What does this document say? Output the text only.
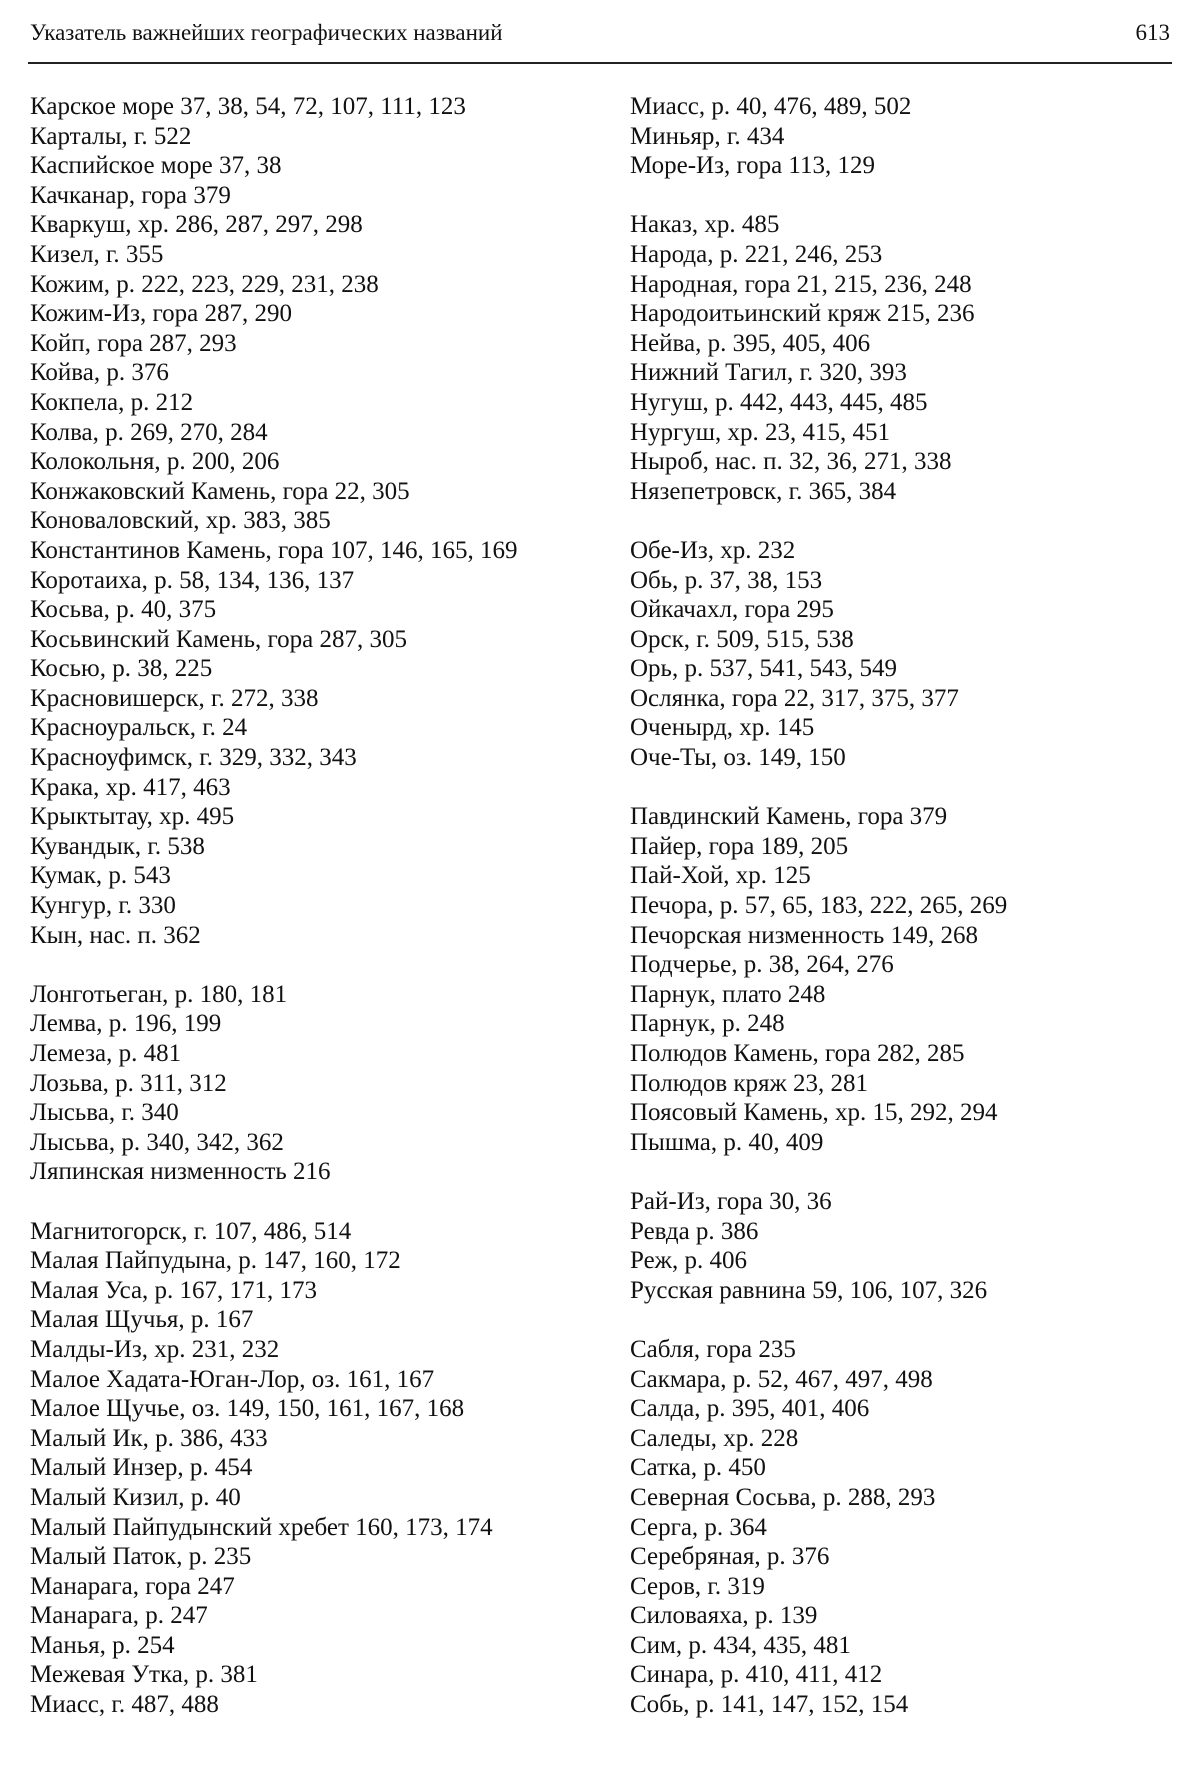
Указатель важнейших географических названий	613
Карское море 37, 38, 54, 72, 107, 111, 123
Карталы, г. 522
Каспийское море 37, 38
Качканар, гора 379
Кваркуш, хр. 286, 287, 297, 298
Кизел, г. 355
Кожим, р. 222, 223, 229, 231, 238
Кожим-Из, гора 287, 290
Койп, гора 287, 293
Койва, р. 376
Кокпела, р. 212
Колва, р. 269, 270, 284
Колокольня, р. 200, 206
Конжаковский Камень, гора 22, 305
Коноваловский, хр. 383, 385
Константинов Камень, гора 107, 146, 165, 169
Коротаиха, р. 58, 134, 136, 137
Косьва, р. 40, 375
Косьвинский Камень, гора 287, 305
Косью, р. 38, 225
Красновишерск, г. 272, 338
Красноуральск, г. 24
Красноуфимск, г. 329, 332, 343
Крака, хр. 417, 463
Крыктытау, хр. 495
Кувандык, г. 538
Кумак, р. 543
Кунгур, г. 330
Кын, нас. п. 362
Лонготьеган, р. 180, 181
Лемва, р. 196, 199
Лемеза, р. 481
Лозьва, р. 311, 312
Лысьва, г. 340
Лысьва, р. 340, 342, 362
Ляпинская низменность 216
Магнитогорск, г. 107, 486, 514
Малая Пайпудына, р. 147, 160, 172
Малая Уса, р. 167, 171, 173
Малая Щучья, р. 167
Малды-Из, хр. 231, 232
Малое Хадата-Юган-Лор, оз. 161, 167
Малое Щучье, оз. 149, 150, 161, 167, 168
Малый Ик, р. 386, 433
Малый Инзер, р. 454
Малый Кизил, р. 40
Малый Пайпудынский хребет 160, 173, 174
Малый Паток, р. 235
Манарага, гора 247
Манарага, р. 247
Манья, р. 254
Межевая Утка, р. 381
Миасс, г. 487, 488
Миасс, р. 40, 476, 489, 502
Миньяр, г. 434
Море-Из, гора 113, 129
Наказ, хр. 485
Народа, р. 221, 246, 253
Народная, гора 21, 215, 236, 248
Народоитьинский кряж 215, 236
Нейва, р. 395, 405, 406
Нижний Тагил, г. 320, 393
Нугуш, р. 442, 443, 445, 485
Нургуш, хр. 23, 415, 451
Ныроб, нас. п. 32, 36, 271, 338
Нязепетровск, г. 365, 384
Обе-Из, хр. 232
Обь, р. 37, 38, 153
Ойкачахл, гора 295
Орск, г. 509, 515, 538
Орь, р. 537, 541, 543, 549
Ослянка, гора 22, 317, 375, 377
Оченырд, хр. 145
Оче-Ты, оз. 149, 150
Павдинский Камень, гора 379
Пайер, гора 189, 205
Пай-Хой, хр. 125
Печора, р. 57, 65, 183, 222, 265, 269
Печорская низменность 149, 268
Подчерье, р. 38, 264, 276
Парнук, плато 248
Парнук, р. 248
Полюдов Камень, гора 282, 285
Полюдов кряж 23, 281
Поясовый Камень, хр. 15, 292, 294
Пышма, р. 40, 409
Рай-Из, гора 30, 36
Ревда р. 386
Реж, р. 406
Русская равнина 59, 106, 107, 326
Сабля, гора 235
Сакмара, р. 52, 467, 497, 498
Салда, р. 395, 401, 406
Саледы, хр. 228
Сатка, р. 450
Северная Сосьва, р. 288, 293
Серга, р. 364
Серебряная, р. 376
Серов, г. 319
Силоваяха, р. 139
Сим, р. 434, 435, 481
Синара, р. 410, 411, 412
Собь, р. 141, 147, 152, 154
